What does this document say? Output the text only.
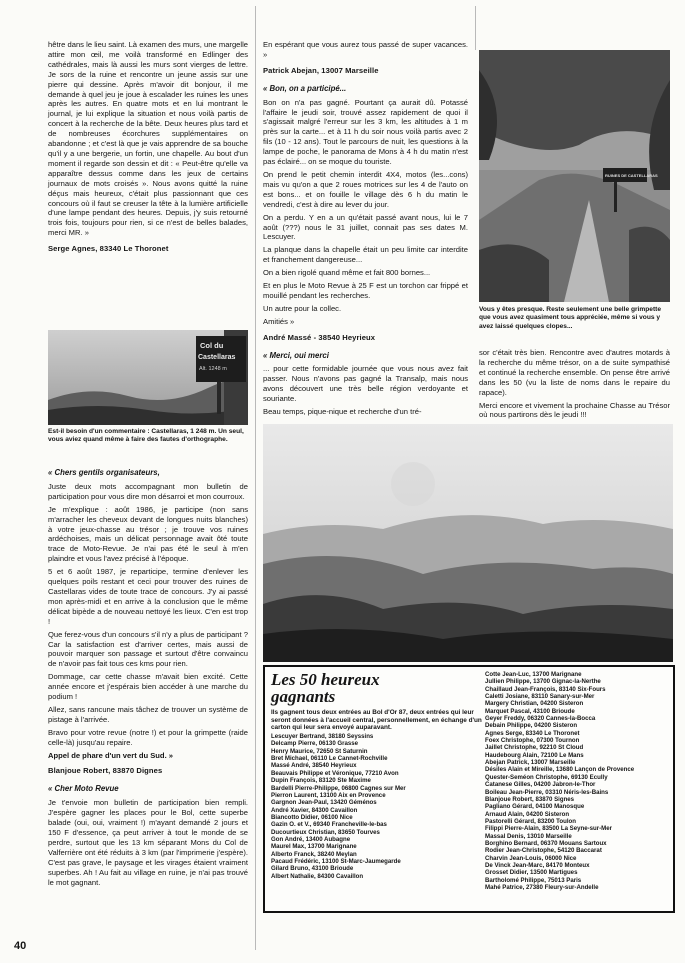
hêtre dans le lieu saint. Là examen des murs, une margelle attire mon œil, me voilà transformé en Edlinger des cathédrales, mais là aussi les murs sont vierges de lettre. Je sors de la ruine et rencontre un jeune assis sur une pierre qui dessine. Après m'avoir dit bonjour, il me demande à quel jeu je joue à escalader les ruines les unes après les autres. En quatre mots et en lui montrant le journal, je lui explique la situation et nous voilà partis de concert à la recherche de la bête. Deux heures plus tard et de nombreuses écorchures supplémentaires on abandonne ; et c'est là que je vais apprendre de sa bouche qu'il y a une bergerie, un fortin, une chapelle. Au bout d'un moment il regarde son dessin et dit : « Peut-être qu'elle va apparaître dessus comme dans les jeux de certains journaux de mots croisés ». Nous avons quitté la ruine déçus mais heureux, c'était plus passionnant que ces concours où il faut se creuser la tête à la lumière artificielle d'une lampe pendant des heures. Depuis, j'y suis retourné trois fois, toujours pour rien, si ce n'est de belles balades, merci MR. »

Serge Agnes, 83340 Le Thoronet
Col du
Castellaras
Alt. 1248 m
Est-il besoin d'un commentaire : Castellaras, 1 248 m. Un seul, vous aviez quand même à faire des fautes d'orthographe.
« Chers gentils organisateurs,

Juste deux mots accompagnant mon bulletin de participation pour vous dire mon désarroi et mon courroux.

Je m'explique : août 1986, je participe (non sans m'arracher les cheveux devant de longues nuits blanches) à votre jeux-chasse au trésor ; je trouve vos ruines ardéchoises, mais un délicat personnage avait ôté toute trace de Moto-Revue. Je n'ai pas été le seul à m'en plaindre et vous l'avez précisé à l'époque.

5 et 6 août 1987, je reparticipe, termine d'enlever les quelques poils restant et ceci pour trouver des ruines de Castellaras vides de toute trace de concours. J'y ai passé mon après-midi et en arrive à la conclusion que le même délicat bipède a de nouveau nettoyé les lieux. C'en est trop !

Que ferez-vous d'un concours s'il n'y a plus de participant ? Car la satisfaction est d'arriver certes, mais aussi de pouvoir marquer son passage et surtout d'être convaincu de n'avoir pas fait tous ces kms pour rien.

Dommage, car cette chasse m'avait bien excité. Cette année encore et j'espérais bien accéder à une marche du podium !

Allez, sans rancune mais tâchez de trouver un système de pistage à l'arrivée.

Bravo pour votre revue (notre !) et pour la grimpette (raide celle-là) jusqu'au repaire.

Appel de phare d'un vert du Sud. »

Blanjoue Robert, 83870 Dignes
« Cher Moto Revue

Je t'envoie mon bulletin de participation bien rempli. J'espère gagner les places pour le Bol, cette superbe balade (oui, oui, vraiment !) m'ayant demandé 2 jours et 150 F d'essence, ça peut arriver à tout le monde de se perdre, surtout que les 13 km séparant Mons du Col de Valferrière ont été réduits à 3 km (par l'imprimerie j'espère). C'est pas grave, le paysage et les virages étaient vraiment superbes. Ah ! Au fait au village en ruine, je n'ai pas trouvé le mot gagnant.

En espérant que vous aurez tous passé de super vacances. »

Patrick Abejan, 13007 Marseille
« Bon, on a participé...

Bon on n'a pas gagné. Pourtant ça aurait dû. Potassé l'affaire le jeudi soir, trouvé assez rapidement de quoi il s'agissait malgré l'erreur sur les 3 km, les altitudes à 1 m près sur la carte... et à 11 h du soir nous voilà partis avec 2 fils (10 - 12 ans). Tout le parcours de nuit, les questions à la lampe de poche, le panorama de Mons à 4 h du matin n'est pas éclairé... on se moque du touriste.

On prend le petit chemin interdit 4X4, motos (les...cons) mais vu qu'on a que 2 roues motrices sur les 4 de l'auto on est bons... et on fouille le village dès 6 h du matin le vendredi, c'est à dire au lever du jour.

On a perdu. Y en a un qu'était passé avant nous, lui le 7 août (???) nous le 31 juillet, connait pas ses dates M. Lescuyer.

La planque dans la chapelle était un peu limite car interdite et franchement dangereuse...

On a bien rigolé quand même et fait 800 bornes...

Et en plus le Moto Revue à 25 F est un torchon car frippé et mouillé pendant les recherches.

Un autre pour la collec.

Amitiés »

André Massé - 38540 Heyrieux
« Merci, oui merci

... pour cette formidable journée que vous nous avez fait passer. Nous n'avons pas gagné la Transalp, mais nous avons découvert une très belle région verdoyante et souriante.

Beau temps, pique-nique et recherche d'un tré-

RUINES DE CASTELLARAS
Vous y êtes presque. Reste seulement une belle grimpette que vous avez quasiment tous appréciée, même si vous y avez laissé quelques clopes...

sor c'était très bien. Rencontre avec d'autres motards à la recherche du même trésor, on a de suite sympathisé et continué la recherche ensemble. On pense être arrivé dans les 50 (vu la liste de noms dans le repaire du rapace).

Merci encore et vivement la prochaine Chasse au Trésor où nous partirons dès le jeudi !!!

Les 50 heureux
gagnants
Ils gagnent tous deux entrées au Bol d'Or 87, deux entrées qui leur seront données à l'accueil central, personnellement, en échange d'un carton qui leur sera envoyé auparavant.
Lescuyer Bertrand, 38180 Seyssins
Delcamp Pierre, 06130 Grasse
Henry Maurice, 72650 St Saturnin
Bret Michael, 06110 Le Cannet-Rochville
Massé André, 38540 Heyrieux
Beauvais Philippe et Véronique, 77210 Avon
Dupin François, 83120 Ste Maxime
Bardelli Pierre-Philippe, 06800 Cagnes sur Mer
Pierron Laurent, 13100 Aix en Provence
Gargnon Jean-Paul, 13420 Géménos
André Xavier, 84300 Cavaillon
Biancotto Didier, 06100 Nice
Gazin O. et V., 69340 Francheville-le-bas
Ducourtieux Christian, 83650 Tourves
Gon André, 13400 Aubagne
Maurel Max, 13700 Marignane
Alberto Franck, 38240 Meylan
Pacaud Frédéric, 13100 St-Marc-Jaumegarde
Gilard Bruno, 43100 Brioude
Albert Nathalie, 84300 Cavaillon
Cotte Jean-Luc, 13700 Marignane
Jullien Philippe, 13700 Gignac-la-Nerthe
Chaillaud Jean-François, 83140 Six-Fours
Caletti Josiane, 83110 Sanary-sur-Mer
Margery Christian, 04200 Sisteron
Marquet Pascal, 43100 Brioude
Geyer Freddy, 06320 Cannes-la-Bocca
Debain Philippe, 04200 Sisteron
Agnes Serge, 83340 Le Thoronet
Foex Christophe, 07300 Tournon
Jaillet Christophe, 92210 St Cloud
Haudebourg Alain, 72100 Le Mans
Abejan Patrick, 13007 Marseille
Désiles Alain et Mireille, 13680 Lançon de Provence
Quester-Seméon Christophe, 69130 Ecully
Catanese Gilles, 04200 Jabron-le-Thor
Boileau Jean-Pierre, 03310 Néris-les-Bains
Blanjoue Robert, 83870 Signes
Pagliano Gérard, 04100 Manosque
Arnaud Alain, 04200 Sisteron
Pastorelli Gérard, 83200 Toulon
Filippi Pierre-Alain, 83500 La Seyne-sur-Mer
Massal Denis, 13010 Marseille
Borghino Bernard, 06370 Mouans Sartoux
Rodier Jean-Christophe, 54120 Baccarat
Charvin Jean-Louis, 06000 Nice
De Vinck Jean-Marc, 84170 Monteux
Grosset Didier, 13500 Martigues
Bartholomé Philippe, 75013 Paris
Mahé Patrice, 27380 Fleury-sur-Andelle
40
